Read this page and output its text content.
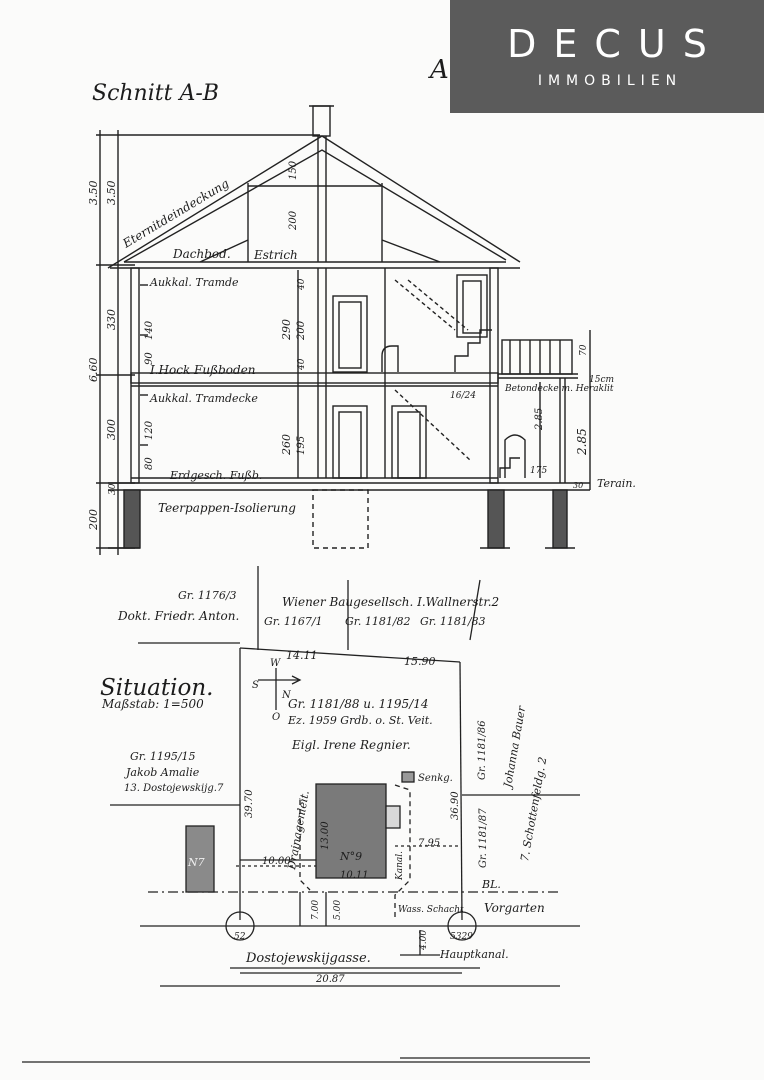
Schnitt A-B
A
Eternitdeindeckung
Dachbod. Estrich
Aukkal. Tramde
I.Hock Fußboden
Aukkal. Tramdecke
Erdgesch. Fußb.
Teerpappen-Isolierung
Terain.
Betondecke m. Heraklit
15cm
3.50 3.50
6.60
330
300
200
30
140
90
120
80
150
200
290 200
40
40
260 195
2.85
2.85
70
175
16/24
30
Situation.
Maßstab: 1=500
Gr. 1176/3
Dokt. Friedr. Anton.
Wiener Baugesellsch. I.Wallnerstr.2
Gr. 1167/1 Gr. 1181/82 Gr. 1181/83
14.11	15.90
W
S
N
O
Gr. 1181/88 u. 1195/14
Ez. 1959 Grdb. o. St. Veit.
Eigl. Irene Regnier.
Gr. 1195/15
Jakob Amalie
13. Dostojewskijg.7
Senkg. Gr. 1181/86 Johanna Bauer
7. Schottenfeldg. 2
Gr. 1181/87
39.70	Drainagenleit. 13.00
36.90
7.95
N7	10.00	N°9
10.11	Kanal.
BL.
7.00 5.00	Vorgarten
Wass. Schacht
52	5329
4.00
Hauptkanal.
Dostojewskijgasse.
20.87
DECUS
IMMOBILIEN
